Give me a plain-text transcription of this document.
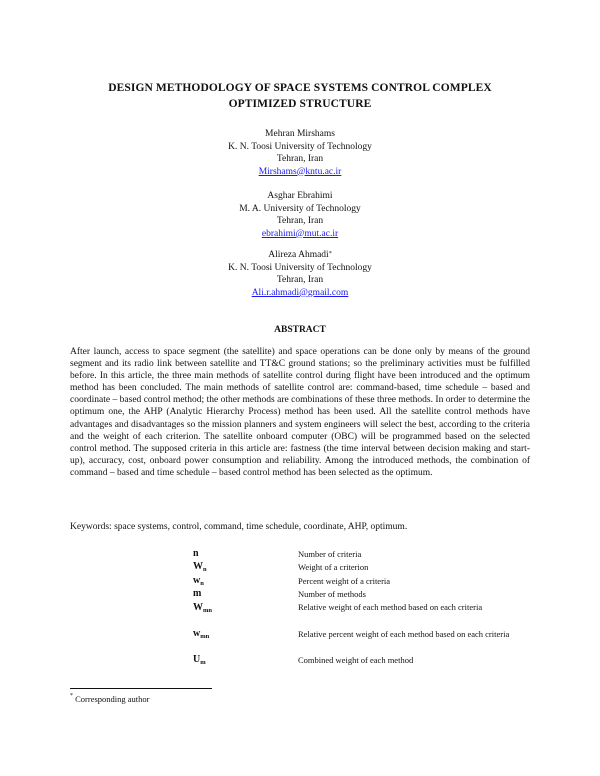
DESIGN METHODOLOGY OF SPACE SYSTEMS CONTROL COMPLEX
OPTIMIZED STRUCTURE
Mehran Mirshams
K. N. Toosi University of Technology
Tehran, Iran
Mirshams@kntu.ac.ir
Asghar Ebrahimi
M. A. University of Technology
Tehran, Iran
ebrahimi@mut.ac.ir
Alireza Ahmadi*
K. N. Toosi University of Technology
Tehran, Iran
Ali.r.ahmadi@gmail.com
ABSTRACT
After launch, access to space segment (the satellite) and space operations can be done only by means of the ground segment and its radio link between satellite and TT&C ground stations; so the preliminary activities must be fulfilled before. In this article, the three main methods of satellite control during flight have been introduced and the optimum method has been concluded. The main methods of satellite control are: command-based, time schedule – based and coordinate – based control method; the other methods are combinations of these three methods. In order to determine the optimum one, the AHP (Analytic Hierarchy Process) method has been used. All the satellite control methods have advantages and disadvantages so the mission planners and system engineers will select the best, according to the criteria and the weight of each criterion. The satellite onboard computer (OBC) will be programmed based on the selected control method. The supposed criteria in this article are: fastness (the time interval between decision making and start-up), accuracy, cost, onboard power consumption and reliability. Among the introduced methods, the combination of command – based and time schedule – based control method has been selected as the optimum.
Keywords: space systems, control, command, time schedule, coordinate, AHP, optimum.
n	Number of criteria
$W_n$	Weight of a criterion
$w_n$	Percent weight of a criteria
m	Number of methods
$W_{mn}$	Relative weight of each method based on each criteria
$w_{mn}$	Relative percent weight of each method based on each criteria
$U_m$	Combined weight of each method
* Corresponding author
